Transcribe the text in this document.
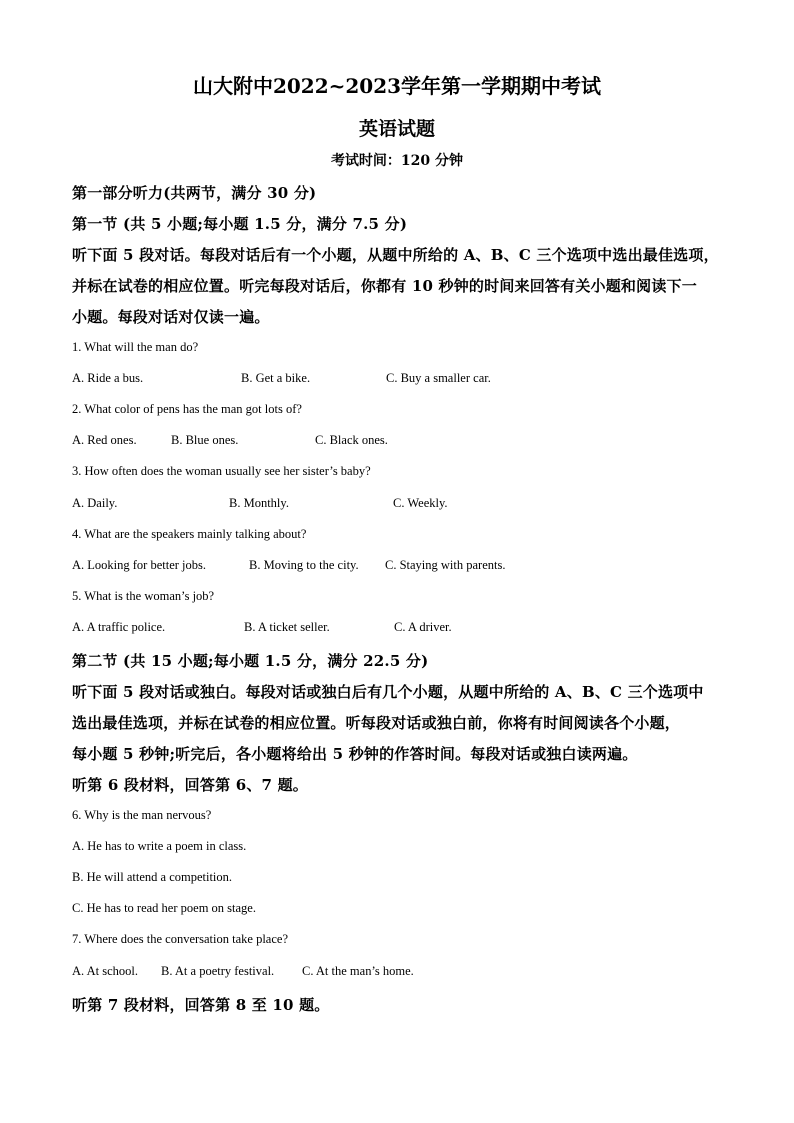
山大附中2022~2023学年第一学期期中考试
英语试题
考试时间：120 分钟
第一部分听力(共两节，满分 30 分)
第一节 (共 5 小题;每小题 1.5 分，满分 7.5 分)
听下面 5 段对话。每段对话后有一个小题，从题中所给的 A、B、C 三个选项中选出最佳选项，
并标在试卷的相应位置。听完每段对话后，你都有 10 秒钟的时间来回答有关小题和阅读下一
小题。每段对话对仅读一遍。
1. What will the man do?
A. Ride a bus.	B. Get a bike.	C. Buy a smaller car.
2. What color of pens has the man got lots of?
A. Red ones.	B. Blue ones.	C. Black ones.
3. How often does the woman usually see her sister’s baby?
A. Daily.	B. Monthly.	C. Weekly.
4. What are the speakers mainly talking about?
A. Looking for better jobs.	B. Moving to the city. C. Staying with parents.
5. What is the woman’s job?
A. A traffic police.	B. A ticket seller.	C. A driver.
第二节 (共 15 小题;每小题 1.5 分，满分 22.5 分)
听下面 5 段对话或独白。每段对话或独白后有几个小题，从题中所给的 A、B、C 三个选项中
选出最佳选项，并标在试卷的相应位置。听每段对话或独白前，你将有时间阅读各个小题，
每小题 5 秒钟;听完后，各小题将给出 5 秒钟的作答时间。每段对话或独白读两遍。
听第 6 段材料，回答第 6、7 题。
6. Why is the man nervous?
A. He has to write a poem in class.
B. He will attend a competition.
C. He has to read her poem on stage.
7. Where does the conversation take place?
A. At school. B. At a poetry festival. C. At the man’s home.
听第 7 段材料，回答第 8 至 10 题。
